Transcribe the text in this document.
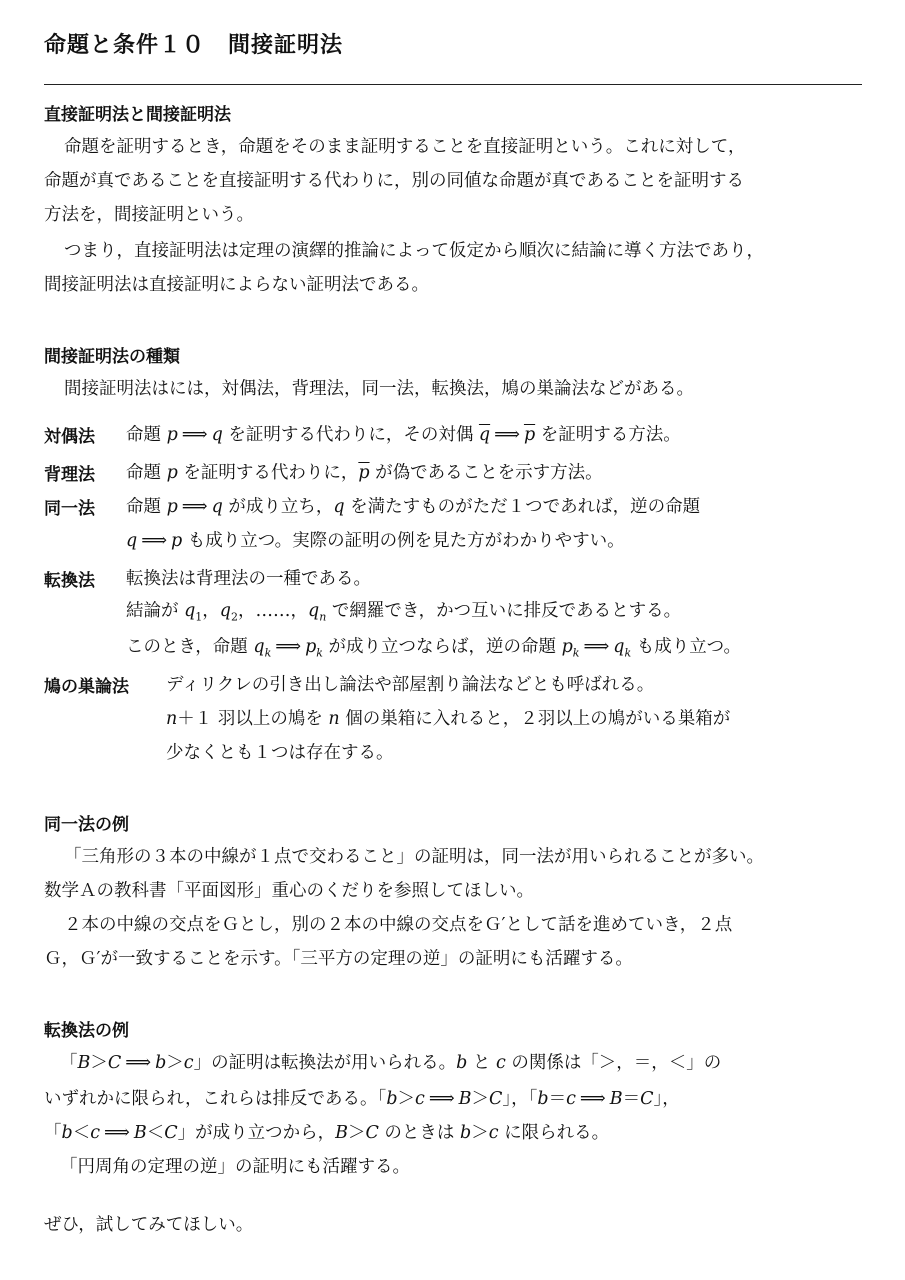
命題と条件１０　間接証明法
直接証明法と間接証明法
命題を証明するとき，命題をそのまま証明することを直接証明という。これに対して，
命題が真であることを直接証明する代わりに，別の同値な命題が真であることを証明する
方法を，間接証明という。
つまり，直接証明法は定理の演繹的推論によって仮定から順次に結論に導く方法であり，
間接証明法は直接証明によらない証明法である。
間接証明法の種類
間接証明法はには，対偶法，背理法，同一法，転換法，鳩の巣論法などがある。
対偶法 命題 p ⟹ q を証明する代わりに，その対偶 $\overline{q}$ ⟹ $\overline{p}$ を証明する方法。
背理法 命題 p を証明する代わりに，$\overline{p}$ が偽であることを示す方法。
同一法 命題 p ⟹ q が成り立ち，q を満たすものがただ１つであれば，逆の命題
q ⟹ p も成り立つ。実際の証明の例を見た方がわかりやすい。
転換法 転換法は背理法の一種である。
結論が $q_1$，$q_2$，……，$q_n$ で網羅でき，かつ互いに排反であるとする。
このとき，命題 $q_k$ ⟹ $p_k$ が成り立つならば，逆の命題 $p_k$ ⟹ $q_k$ も成り立つ。
鳩の巣論法 ディリクレの引き出し論法や部屋割り論法などとも呼ばれる。
n＋１ 羽以上の鳩を n 個の巣箱に入れると，２羽以上の鳩がいる巣箱が
少なくとも１つは存在する。
同一法の例
「三角形の３本の中線が１点で交わること」の証明は，同一法が用いられることが多い。
数学Ａの教科書「平面図形」重心のくだりを参照してほしい。
２本の中線の交点をＧとし，別の２本の中線の交点をＧ′として話を進めていき，２点
Ｇ，Ｇ′が一致することを示す。「三平方の定理の逆」の証明にも活躍する。
転換法の例
「B＞C ⟹ b＞c」の証明は転換法が用いられる。b と c の関係は「＞，＝，＜」の
いずれかに限られ，これらは排反である。「b＞c ⟹ B＞C」，「b＝c ⟹ B＝C」，
「b＜c ⟹ B＜C」が成り立つから，B＞C のときは b＞c に限られる。
「円周角の定理の逆」の証明にも活躍する。
ぜひ，試してみてほしい。
